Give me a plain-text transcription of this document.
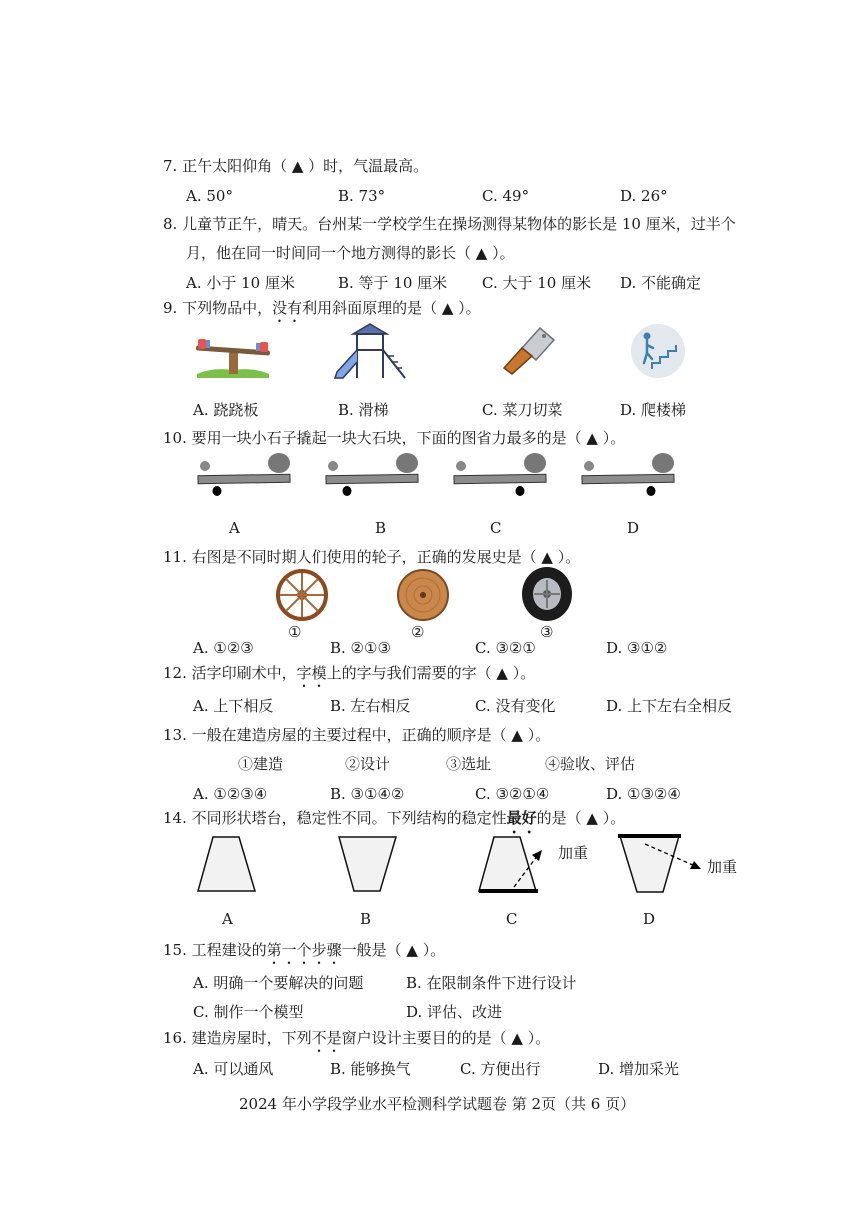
7. 正午太阳仰角（ ▲ ）时，气温最高。
A. 50°	B. 73°	C. 49°	D. 26°
8. 儿童节正午，晴天。台州某一学校学生在操场测得某物体的影长是 10 厘米，过半个
月，他在同一时间同一个地方测得的影长（ ▲ ）。
A. 小于 10 厘米	B. 等于 10 厘米 C. 大于 10 厘米 D. 不能确定
9. 下列物品中，没有利用斜面原理的是（ ▲ ）。
A. 跷跷板	B. 滑梯	C. 菜刀切菜	D. 爬楼梯
10. 要用一块小石子撬起一块大石块，下面的图省力最多的是（ ▲ ）。
A	B	C	D
11. 右图是不同时期人们使用的轮子，正确的发展史是（ ▲ ）。
①	②	③
A. ①②③	B. ②①③	C. ③②①	D. ③①②
12. 活字印刷术中，字模上的字与我们需要的字（ ▲ ）。
A. 上下相反	B. 左右相反	C. 没有变化	D. 上下左右全相反
13. 一般在建造房屋的主要过程中，正确的顺序是（ ▲ ）。
①建造	②设计	③选址	④验收、评估
A. ①②③④	B. ③①④②	C. ③②①④	D. ①③②④
14. 不同形状塔台，稳定性不同。下列结构的稳定性最好的是（ ▲ ）。
加重
加重
A	B	C	D
15. 工程建设的第一个步骤一般是（ ▲ ）。
A. 明确一个要解决的问题	B. 在限制条件下进行设计
C. 制作一个模型	D. 评估、改进
16. 建造房屋时，下列不是窗户设计主要目的的是（ ▲ ）。
A. 可以通风	B. 能够换气	C. 方便出行	D. 增加采光
2024 年小学段学业水平检测科学试题卷 第 2页（共 6 页）
